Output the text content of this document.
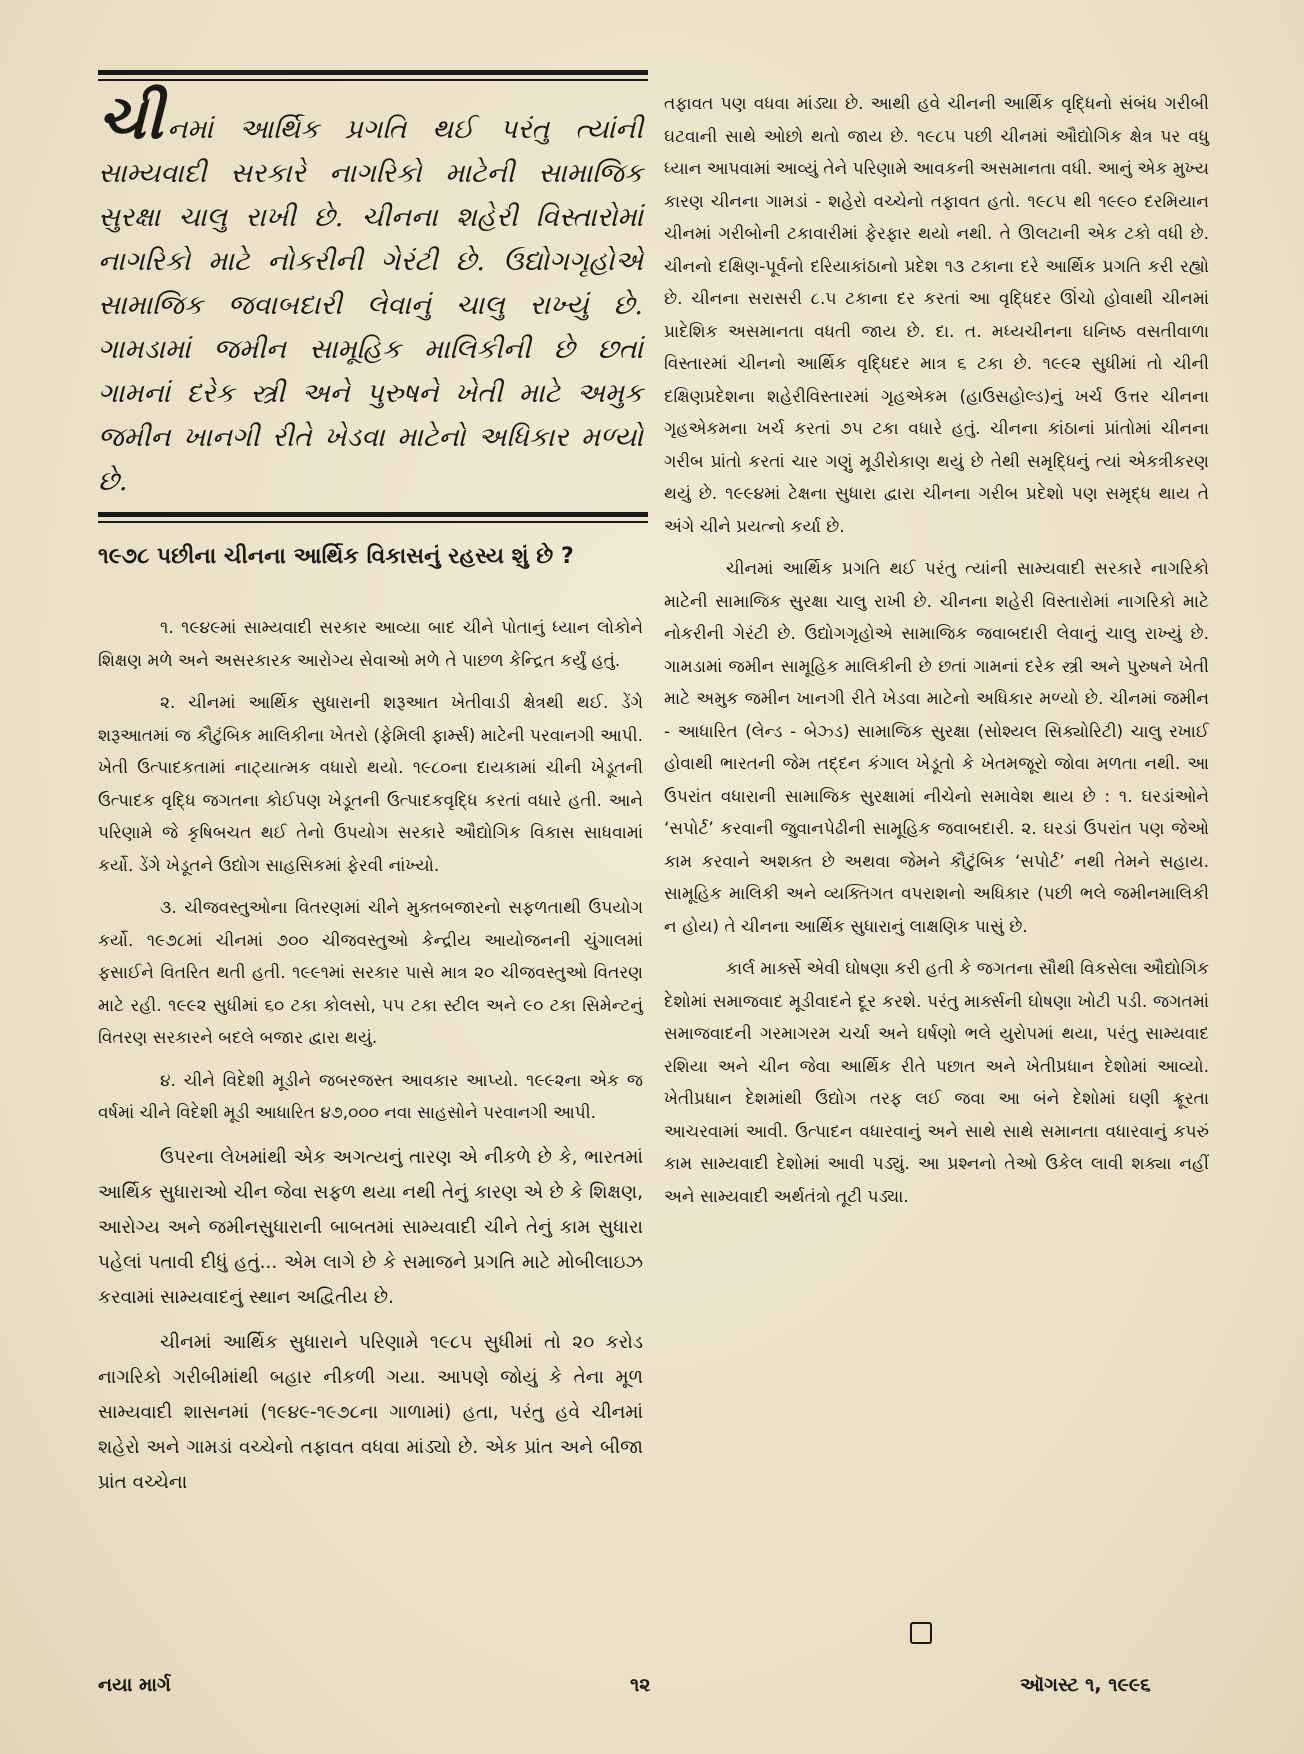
ચીનમાં આર્થિક પ્રગતિ થઈ પરંતુ ત્યાંની સામ્યવાદી સરકારે નાગરિકો માટેની સામાજિક સુરક્ષા ચાલુ રાખી છે. ચીનના શહેરી વિસ્તારોમાં નાગરિકો માટે નોકરીની ગેરંટી છે. ઉદ્યોગગૃહોએ સામાજિક જવાબદારી લેવાનું ચાલુ રાખ્યું છે. ગામડામાં જમીન સામૂહિક માલિકીની છે છતાં ગામનાં દરેક સ્ત્રી અને પુરુષને ખેતી માટે અમુક જમીન ખાનગી રીતે ખેડવા માટેનો અધિકાર મળ્યો છે.
૧૯૭૮ પછીના ચીનના આર્થિક વિકાસનું રહસ્ય શું છે ?

૧. ૧૯૪૯માં સામ્યવાદી સરકાર આવ્યા બાદ ચીને પોતાનું ધ્યાન લોકોને શિક્ષણ મળે અને અસરકારક આરોગ્ય સેવાઓ મળે તે પાછળ કેન્દ્રિત કર્યું હતું.

૨. ચીનમાં આર્થિક સુધારાની શરૂઆત ખેતીવાડી ક્ષેત્રથી થઈ. ડેંગે શરૂઆતમાં જ કૌટુંબિક માલિકીના ખેતરો (ફેમિલી ફાર્મ્સ) માટેની પરવાનગી આપી. ખેતી ઉત્પાદકતામાં નાટ્યાત્મક વધારો થયો. ૧૯૮૦ના દાયકામાં ચીની ખેડૂતની ઉત્પાદક વૃદ્ધિ જગતના કોઈપણ ખેડૂતની ઉત્પાદકવૃદ્ધિ કરતાં વધારે હતી. આને પરિણામે જે કૃષિબચત થઈ તેનો ઉપયોગ સરકારે ઔદ્યોગિક વિકાસ સાધવામાં કર્યો. ડેંગે ખેડૂતને ઉદ્યોગ સાહસિકમાં ફેરવી નાંખ્યો.

૩. ચીજવસ્તુઓના વિતરણમાં ચીને મુક્તબજારનો સફળતાથી ઉપયોગ કર્યો. ૧૯૭૮માં ચીનમાં ૭૦૦ ચીજવસ્તુઓ કેન્દ્રીય આયોજનની ચુંગાલમાં ફસાઈને વિતરિત થતી હતી. ૧૯૯૧માં સરકાર પાસે માત્ર ૨૦ ચીજવસ્તુઓ વિતરણ માટે રહી. ૧૯૯૨ સુધીમાં ૬૦ ટકા કોલસો, ૫૫ ટકા સ્ટીલ અને ૯૦ ટકા સિમેન્ટનું વિતરણ સરકારને બદલે બજાર દ્વારા થયું.

૪. ચીને વિદેશી મૂડીને જબરજસ્ત આવકાર આપ્યો. ૧૯૯૨ના એક જ વર્ષમાં ચીને વિદેશી મૂડી આધારિત ૪૭,૦૦૦ નવા સાહસોને પરવાનગી આપી.

ઉપરના લેખમાંથી એક અગત્યનું તારણ એ નીકળે છે કે, ભારતમાં આર્થિક સુધારાઓ ચીન જેવા સફળ થયા નથી તેનું કારણ એ છે કે શિક્ષણ, આરોગ્ય અને જમીનસુધારાની બાબતમાં સામ્યવાદી ચીને તેનું કામ સુધારા પહેલાં પતાવી દીધું હતું... એમ લાગે છે કે સમાજને પ્રગતિ માટે મોબીલાઇઝ કરવામાં સામ્યવાદનું સ્થાન અદ્વિતીય છે.

ચીનમાં આર્થિક સુધારાને પરિણામે ૧૯૮૫ સુધીમાં તો ૨૦ કરોડ નાગરિકો ગરીબીમાંથી બહાર નીકળી ગયા. આપણે જોયું કે તેના મૂળ સામ્યવાદી શાસનમાં (૧૯૪૯-૧૯૭૮ના ગાળામાં) હતા, પરંતુ હવે ચીનમાં શહેરો અને ગામડાં વચ્ચેનો તફાવત વધવા માંડ્યો છે. એક પ્રાંત અને બીજા પ્રાંત વચ્ચેના

તફાવત પણ વધવા માંડ્યા છે. આથી હવે ચીનની આર્થિક વૃદ્ધિનો સંબંધ ગરીબી ઘટવાની સાથે ઓછો થતો જાય છે. ૧૯૮૫ પછી ચીનમાં ઔદ્યોગિક ક્ષેત્ર પર વધુ ધ્યાન આપવામાં આવ્યું તેને પરિણામે આવકની અસમાનતા વધી. આનું એક મુખ્ય કારણ ચીનના ગામડાં - શહેરો વચ્ચેનો તફાવત હતો. ૧૯૮૫ થી ૧૯૯૦ દરમિયાન ચીનમાં ગરીબોની ટકાવારીમાં ફેરફાર થયો નથી. તે ઊલટાની એક ટકો વધી છે. ચીનનો દક્ષિણ-પૂર્વનો દરિયાકાંઠાનો પ્રદેશ ૧૩ ટકાના દરે આર્થિક પ્રગતિ કરી રહ્યો છે. ચીનના સરાસરી ૮.૫ ટકાના દર કરતાં આ વૃદ્ધિદર ઊંચો હોવાથી ચીનમાં પ્રાદેશિક અસમાનતા વધતી જાય છે. દા. ત. મધ્યચીનના ઘનિષ્ઠ વસતીવાળા વિસ્તારમાં ચીનનો આર્થિક વૃદ્ધિદર માત્ર ૬ ટકા છે. ૧૯૯૨ સુધીમાં તો ચીની દક્ષિણપ્રદેશના શહેરીવિસ્તારમાં ગૃહએકમ (હાઉસહોલ્ડ)નું ખર્ચ ઉત્તર ચીનના ગૃહએકમના ખર્ચ કરતાં ૭૫ ટકા વધારે હતું. ચીનના કાંઠાનાં પ્રાંતોમાં ચીનના ગરીબ પ્રાંતો કરતાં ચાર ગણું મૂડીરોકાણ થયું છે તેથી સમૃદ્ધિનું ત્યાં એકત્રીકરણ થયું છે. ૧૯૯૪માં ટેક્ષના સુધારા દ્વારા ચીનના ગરીબ પ્રદેશો પણ સમૃદ્ધ થાય તે અંગે ચીને પ્રયત્નો કર્યા છે.

ચીનમાં આર્થિક પ્રગતિ થઈ પરંતુ ત્યાંની સામ્યવાદી સરકારે નાગરિકો માટેની સામાજિક સુરક્ષા ચાલુ રાખી છે. ચીનના શહેરી વિસ્તારોમાં નાગરિકો માટે નોકરીની ગેરંટી છે. ઉદ્યોગગૃહોએ સામાજિક જવાબદારી લેવાનું ચાલુ રાખ્યું છે. ગામડામાં જમીન સામૂહિક માલિકીની છે છતાં ગામનાં દરેક સ્ત્રી અને પુરુષને ખેતી માટે અમુક જમીન ખાનગી રીતે ખેડવા માટેનો અધિકાર મળ્યો છે. ચીનમાં જમીન - આધારિત (લેન્ડ - બેઝ્ડ) સામાજિક સુરક્ષા (સોશ્યલ સિક્યોરિટી) ચાલુ રખાઈ હોવાથી ભારતની જેમ તદ્દન કંગાલ ખેડૂતો કે ખેતમજૂરો જોવા મળતા નથી. આ ઉપરાંત વધારાની સામાજિક સુરક્ષામાં નીચેનો સમાવેશ થાય છે : ૧. ઘરડાંઓને ‘સપોર્ટ’ કરવાની જુવાનપેઢીની સામૂહિક જવાબદારી. ૨. ઘરડાં ઉપરાંત પણ જેઓ કામ કરવાને અશક્ત છે અથવા જેમને કૌટુંબિક ‘સપોર્ટ’ નથી તેમને સહાય. સામૂહિક માલિકી અને વ્યક્તિગત વપરાશનો અધિકાર (પછી ભલે જમીનમાલિકી ન હોય) તે ચીનના આર્થિક સુધારાનું લાક્ષણિક પાસું છે.

કાર્લ માર્ક્સે એવી ઘોષણા કરી હતી કે જગતના સૌથી વિકસેલા ઔદ્યોગિક દેશોમાં સમાજવાદ મૂડીવાદને દૂર કરશે. પરંતુ માર્ક્સની ઘોષણા ખોટી પડી. જગતમાં સમાજવાદની ગરમાગરમ ચર્ચા અને ઘર્ષણો ભલે યુરોપમાં થયા, પરંતુ સામ્યવાદ રશિયા અને ચીન જેવા આર્થિક રીતે પછાત અને ખેતીપ્રધાન દેશોમાં આવ્યો. ખેતીપ્રધાન દેશમાંથી ઉદ્યોગ તરફ લઈ જવા આ બંને દેશોમાં ઘણી ક્રૂરતા આચરવામાં આવી. ઉત્પાદન વધારવાનું અને સાથે સાથે સમાનતા વધારવાનું કપરું કામ સામ્યવાદી દેશોમાં આવી પડ્યું. આ પ્રશ્નનો તેઓ ઉકેલ લાવી શક્યા નહીં અને સામ્યવાદી અર્થતંત્રો તૂટી પડ્યા.

નયા માર્ગ	૧૨	ઑગસ્ટ ૧, ૧૯૯૬
